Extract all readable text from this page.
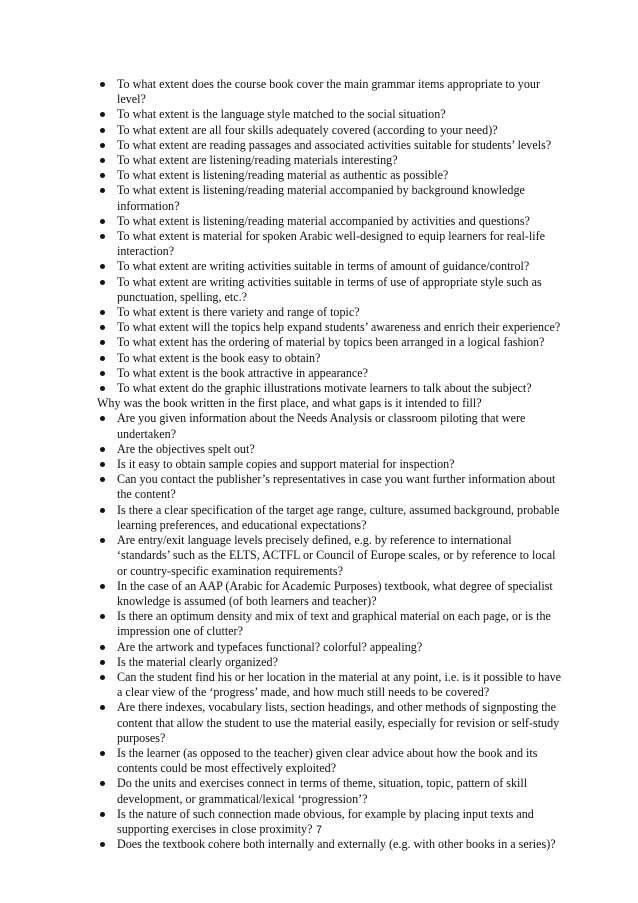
To what extent does the course book cover the main grammar items appropriate to your level?
To what extent is the language style matched to the social situation?
To what extent are all four skills adequately covered (according to your need)?
To what extent are reading passages and associated activities suitable for students’ levels?
To what extent are listening/reading materials interesting?
To what extent is listening/reading material as authentic as possible?
To what extent is listening/reading material accompanied by background knowledge information?
To what extent is listening/reading material accompanied by activities and questions?
To what extent is material for spoken Arabic well-designed to equip learners for real-life interaction?
To what extent are writing activities suitable in terms of amount of guidance/control?
To what extent are writing activities suitable in terms of use of appropriate style such as punctuation, spelling, etc.?
To what extent is there variety and range of topic?
To what extent will the topics help expand students’ awareness and enrich their experience?
To what extent has the ordering of material by topics been arranged in a logical fashion?
To what extent is the book easy to obtain?
To what extent is the book attractive in appearance?
To what extent do the graphic illustrations motivate learners to talk about the subject?

Why was the book written in the first place, and what gaps is it intended to fill?

Are you given information about the Needs Analysis or classroom piloting that were undertaken?
Are the objectives spelt out?
Is it easy to obtain sample copies and support material for inspection?
Can you contact the publisher’s representatives in case you want further information about the content?
Is there a clear specification of the target age range, culture, assumed background, probable learning preferences, and educational expectations?
Are entry/exit language levels precisely defined, e.g. by reference to international ‘standards’ such as the ELTS, ACTFL or Council of Europe scales, or by reference to local or country-specific examination requirements?
In the case of an AAP (Arabic for Academic Purposes) textbook, what degree of specialist knowledge is assumed (of both learners and teacher)?
Is there an optimum density and mix of text and graphical material on each page, or is the impression one of clutter?
Are the artwork and typefaces functional? colorful? appealing?
Is the material clearly organized?
Can the student find his or her location in the material at any point, i.e. is it possible to have a clear view of the ‘progress’ made, and how much still needs to be covered?
Are there indexes, vocabulary lists, section headings, and other methods of signposting the content that allow the student to use the material easily, especially for revision or self-study purposes?
Is the learner (as opposed to the teacher) given clear advice about how the book and its contents could be most effectively exploited?
Do the units and exercises connect in terms of theme, situation, topic, pattern of skill development, or grammatical/lexical ‘progression’?
Is the nature of such connection made obvious, for example by placing input texts and supporting exercises in close proximity?
Does the textbook cohere both internally and externally (e.g. with other books in a series)?
7
